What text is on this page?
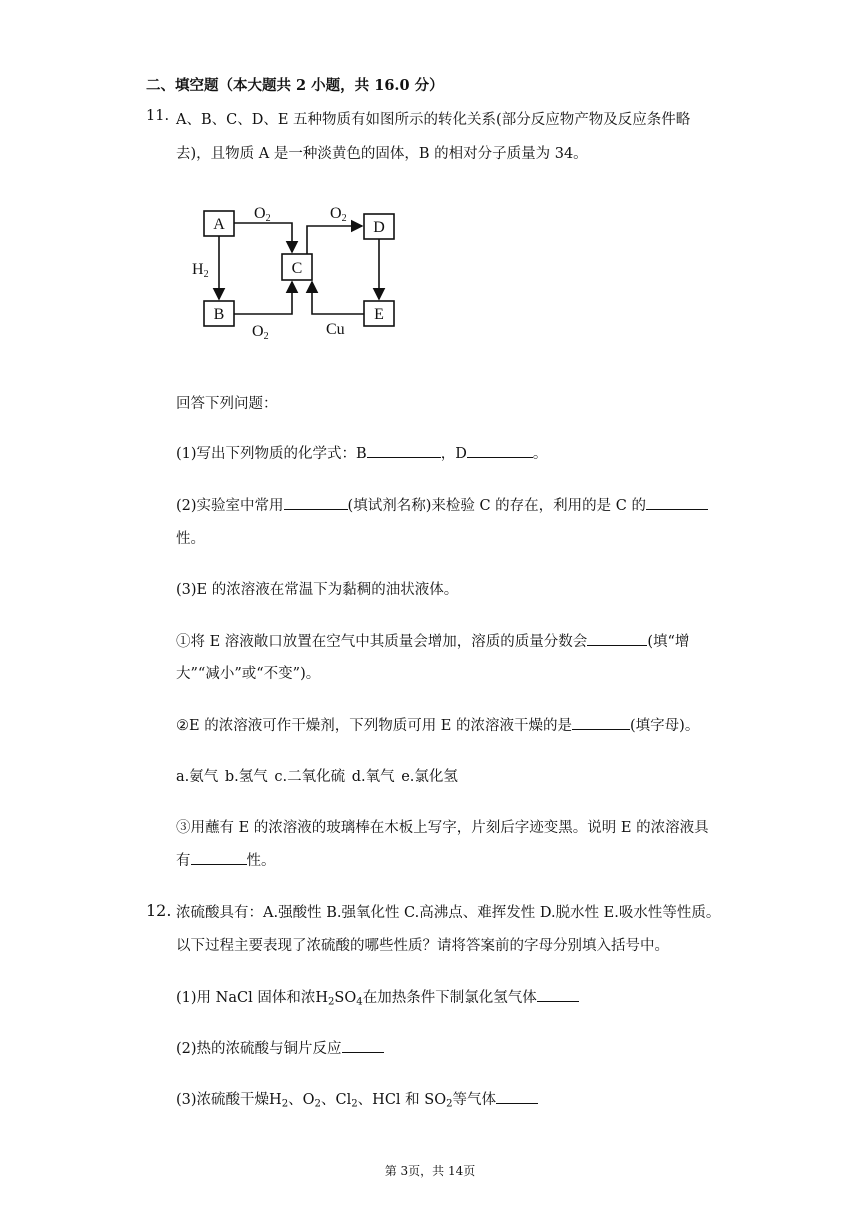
二、填空题（本大题共 2 小题，共 16.0 分）
11. A、B、C、D、E 五种物质有如图所示的转化关系(部分反应物产物及反应条件略
去)，且物质 A 是一种淡黄色的固体，B 的相对分子质量为 34。
A
B
C
D
E
O2	O2
H2
O2	Cu
回答下列问题：
(1)写出下列物质的化学式：B	，D	。
(2)实验室中常用	(填试剂名称)来检验 C 的存在，利用的是 C 的
性。
(3)E 的浓溶液在常温下为黏稠的油状液体。
①将 E 溶液敞口放置在空气中其质量会增加，溶质的质量分数会	(填“增
大”“减小”或“不变”)。
②E 的浓溶液可作干燥剂，下列物质可用 E 的浓溶液干燥的是	(填字母)。
a.氨气 b.氢气 c.二氧化硫 d.氧气 e.氯化氢
③用蘸有 E 的浓溶液的玻璃棒在木板上写字，片刻后字迹变黑。说明 E 的浓溶液具
有	性。
12. 浓硫酸具有：A.强酸性 B.强氧化性 C.高沸点、难挥发性 D.脱水性 E.吸水性等性质。
以下过程主要表现了浓硫酸的哪些性质？请将答案前的字母分别填入括号中。
(1)用 NaCl 固体和浓$H_2SO_4$在加热条件下制氯化氢气体
(2)热的浓硫酸与铜片反应
(3)浓硫酸干燥$H_2$、$O_2$、$Cl_2$、HCl 和 $SO_2$等气体
第 3页，共 14页
